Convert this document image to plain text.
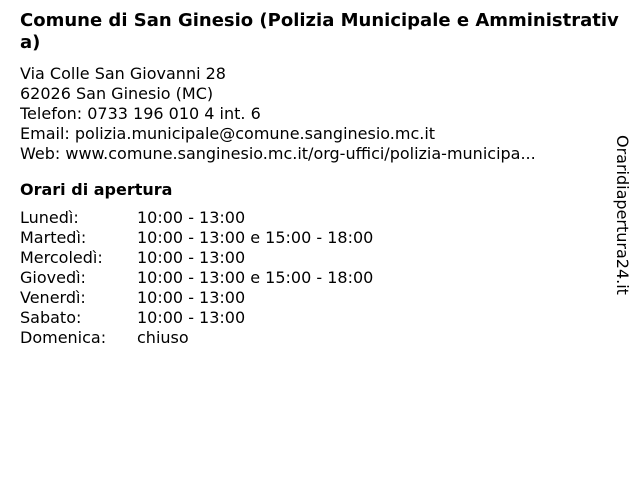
Comune di San Ginesio (Polizia Municipale e Amministrativa)
Via Colle San Giovanni 28
62026 San Ginesio (MC)
Telefon: 0733 196 010 4 int. 6
Email: polizia.municipale@comune.sanginesio.mc.it
Web: www.comune.sanginesio.mc.it/org-uffici/polizia-municipa...
Orari di apertura
Lunedì:	10:00 - 13:00
Martedì:	10:00 - 13:00 e 15:00 - 18:00
Mercoledì:	10:00 - 13:00
Giovedì:	10:00 - 13:00 e 15:00 - 18:00
Venerdì:	10:00 - 13:00
Sabato:	10:00 - 13:00
Domenica:	chiuso
Oraridiapertura24.it
